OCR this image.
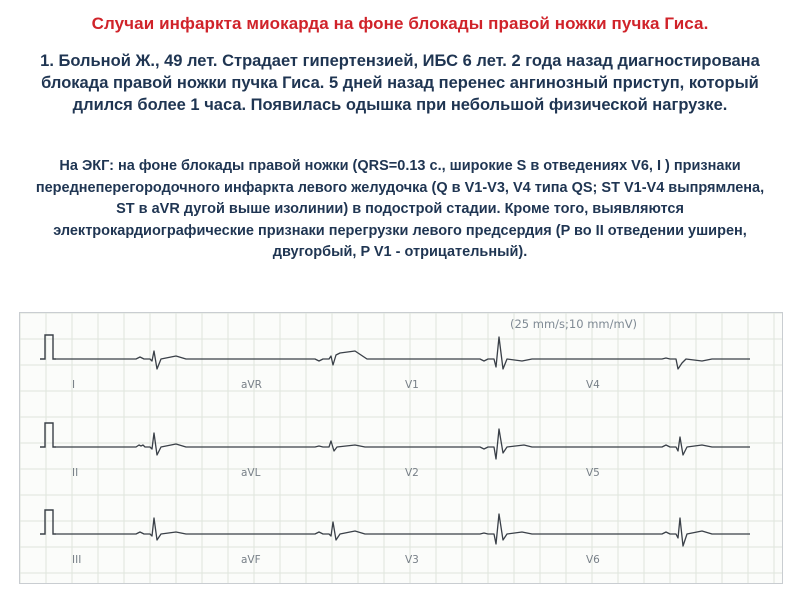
Случаи инфаркта миокарда на фоне блокады правой ножки пучка Гиса.
1. Больной Ж., 49 лет. Страдает гипертензией, ИБС 6 лет. 2 года назад диагностирована блокада правой ножки пучка Гиса. 5 дней назад перенес ангинозный приступ, который длился более 1 часа. Появилась одышка при небольшой физической нагрузке.
На ЭКГ: на фоне блокады правой ножки (QRS=0.13 с., широкие S в отведениях V6, I ) признаки переднеперегородочного инфаркта левого желудочка (Q в V1-V3, V4 типа QS; ST V1-V4 выпрямлена, ST в aVR дугой выше изолинии) в подострой стадии. Кроме того, выявляются электрокардиографические признаки перегрузки левого предсердия (P во II отведении уширен, двугорбый, P V1 - отрицательный).
(25 mm/s;10 mm/mV)
I	aVR	V1	V4
II	aVL	V2	V5
III	aVF	V3	V6
